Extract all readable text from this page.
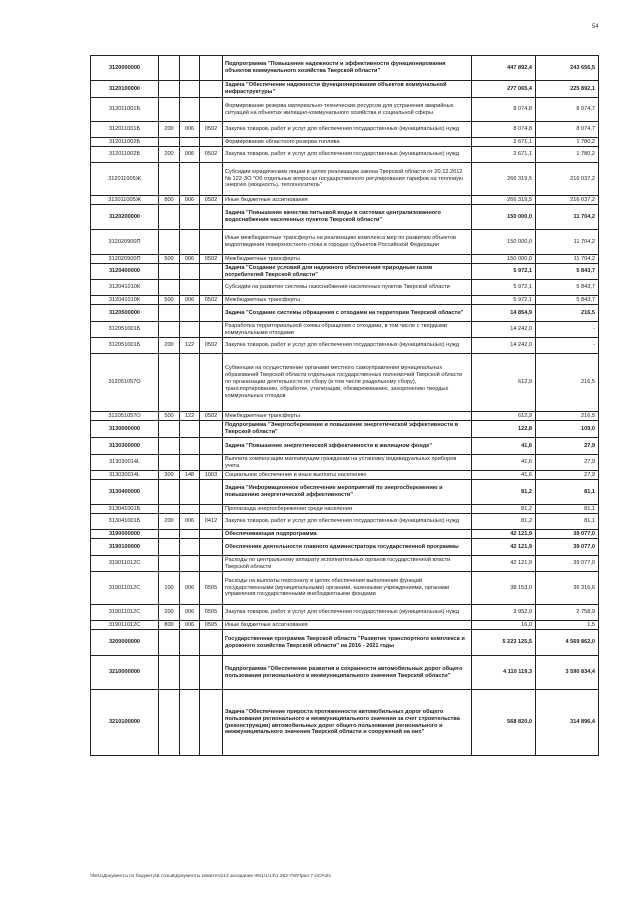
54
3120000000				Подпрограмма "Повышение надежности и эффективности функционирования объектов коммунального хозяйства Тверской области"	447 892,4	243 656,5
3120100000				Задача "Обеспечение надежности функционирования объектов коммунальной инфраструктуры"	277 065,4	225 892,1
312011001Б				Формирование резерва материально-технических ресурсов для устранения аварийных ситуаций на объектах жилищно-коммунального хозяйства и социальной сферы	8 074,8	8 074,7
312011001Б	200	006	0502	Закупка товаров, работ и услуг для обеспечения государственных (муниципальных) нужд	8 074,8	8 074,7
312011002Б				Формирование областного резерва топлива	2 671,1	1 780,2
312011002Б	200	006	0502	Закупка товаров, работ и услуг для обеспечения государственных (муниципальных) нужд	2 671,1	1 780,2
312011005Ж				Субсидии юридическим лицам в целях реализации закона Тверской области от 20.12.2012 № 122-ЗО "Об отдельных вопросах государственного регулирования тарифов на тепловую энергию (мощность), теплоноситель"	266 319,5	216 037,2
312011005Ж	800	006	0502	Иные бюджетные ассигнования	266 319,5	216 037,2
3120200000				Задача "Повышение качества питьевой воды в системах централизованного водоснабжения населенных пунктов Тверской области"	150 000,0	11 704,2
312020900П				Иные межбюджетные трансферты на реализацию комплекса мер по развитию объектов водоотведения поверхностного стока в городах субъектов Российской Федерации	150 000,0	11 704,2
312020900П	500	006	0502	Межбюджетные трансферты	150 000,0	11 704,2
3120400000				Задача "Создание условий для надежного обеспечения природным газом потребителей Тверской области"	5 972,1	5 843,7
312041010К				Субсидии на развитие системы газоснабжения населенных пунктов Тверской области	5 972,1	5 843,7
312041010К	500	006	0502	Межбюджетные трансферты	5 972,1	5 843,7
3120500000				Задача "Создание системы обращения с отходами на территории Тверской области"	14 854,9	216,5
312051001Б				Разработка территориальной схемы обращения с отходами, в том числе с твердыми коммунальными отходами	14 242,0	-
312051001Б	200	122	0502	Закупка товаров, работ и услуг для обеспечения государственных (муниципальных) нужд	14 242,0	-
312051057О				Субвенции на осуществление органами местного самоуправления муниципальных образований Тверской области отдельных государственных полномочий Тверской области по организации деятельности по сбору (в том числе раздельному сбору), транспортированию, обработке, утилизации, обезвреживанию, захоронению твердых коммунальных отходов	612,9	216,5
312051057О	500	122	0502	Межбюджетные трансферты	612,9	216,5
3130000000				Подпрограмма "Энергосбережение и повышение энергетической эффективности в Тверской области"	122,8	109,0
3130300000				Задача "Повышение энергетической эффективности в жилищном фонде"	41,6	27,9
313030014L				Выплата компенсации малоимущим гражданам на установку индивидуальных приборов учета	41,6	27,9
313030014L	300	148	1003	Социальное обеспечение и иные выплаты населению	41,6	27,9
3130400000				Задача "Информационное обеспечение мероприятий по энергосбережению и повышению энергетической эффективности"	81,2	81,1
313041001Б				Пропаганда энергосбережения среди населения	81,2	81,1
313041001Б	200	006	0412	Закупка товаров, работ и услуг для обеспечения государственных (муниципальных) нужд	81,2	81,1
3190000000				Обеспечивающая подпрограмма	42 121,9	39 077,0
3190100000				Обеспечение деятельности главного администратора государственной программы	42 121,9	39 077,0
319011012С				Расходы по центральному аппарату исполнительных органов государственной власти Тверской области	42 121,9	39 077,0
319011012С	100	006	0505	Расходы на выплаты персоналу в целях обеспечения выполнения функций государственными (муниципальными) органами, казенными учреждениями, органами управления государственными внебюджетными фондами	38 153,0	36 316,6
319011012С	200	006	0505	Закупка товаров, работ и услуг для обеспечения государственных (муниципальных) нужд	3 952,9	2 758,9
319011012С	800	006	0505	Иные бюджетные ассигнования	16,0	1,5
3200000000				Государственная программа Тверской области "Развитие транспортного комплекса и дорожного хозяйства Тверской области" на 2016 - 2021 годы	5 223 125,5	4 569 862,0
3210000000				Подпрограмма "Обеспечение развития и сохранности автомобильных дорог общего пользования регионального и межмуниципального значения Тверской области"	4 110 119,3	3 590 834,4
3210100000				Задача "Обеспечение прироста протяженности автомобильных дорог общего пользования регионального и межмуниципального значения за счет строительства (реконструкции) автомобильных дорог общего пользования регионального и межмуниципального значения Тверской области и сооружений на них"	568 820,0	314 896,4
\\fs01\Документы по бюджету\Б созыв\Документы комитета\13 заседание 05\1\1\13\1 263-7\6\Прил 7 к\СР.xls
